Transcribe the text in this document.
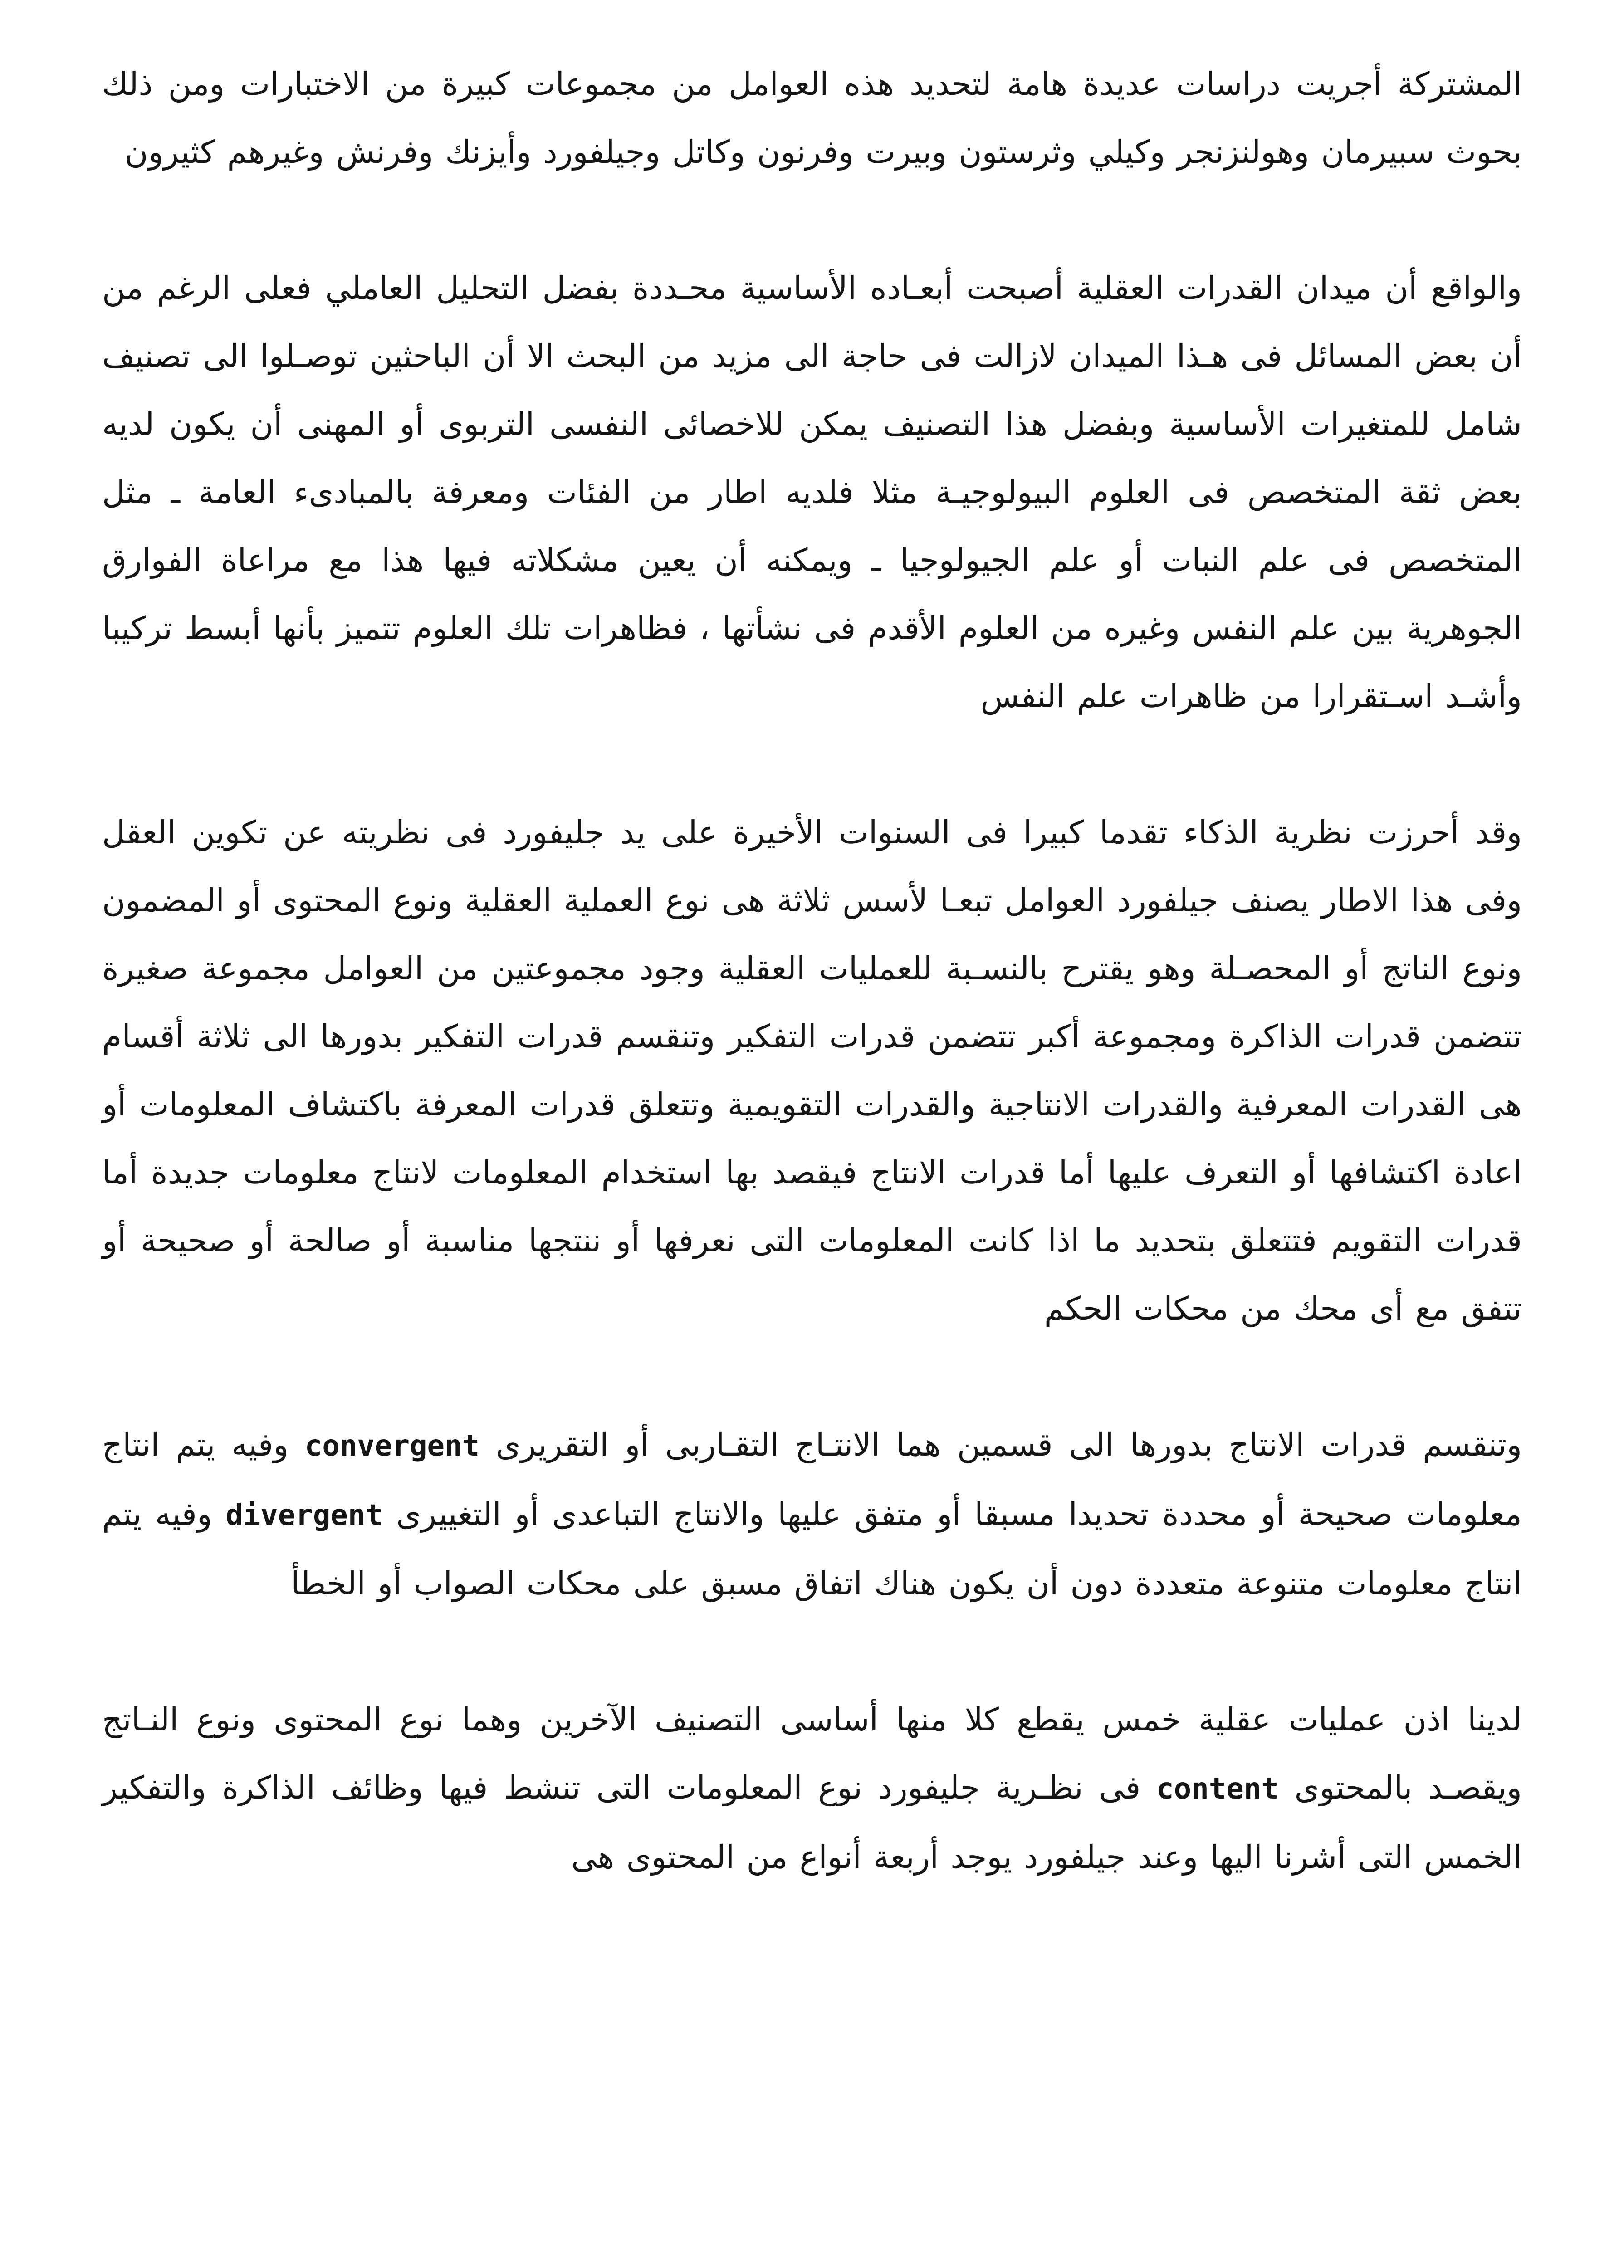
المشتركة أجريت دراسات عديدة هامة لتحديد هذه العوامل من مجموعات كبيرة من الاختبارات ومن ذلك بحوث سبيرمان وهولنزنجر وكيلي وثرستون وبيرت وفرنون وكاتل وجيلفورد وأيزنك وفرنش وغيرهم كثيرون

والواقع أن ميدان القدرات العقلية أصبحت أبعـاده الأساسية محـددة بفضل التحليل العاملي فعلى الرغم من أن بعض المسائل فى هـذا الميدان لازالت فى حاجة الى مزيد من البحث الا أن الباحثين توصـلوا الى تصنيف شامل للمتغيرات الأساسية وبفضل هذا التصنيف يمكن للاخصائى النفسى التربوى أو المهنى أن يكون لديه بعض ثقة المتخصص فى العلوم البيولوجيـة مثلا فلديه اطار من الفئات ومعرفة بالمبادىء العامة ـ مثل المتخصص فى علم النبات أو علم الجيولوجيا ـ ويمكنه أن يعين مشكلاته فيها هذا مع مراعاة الفوارق الجوهرية بين علم النفس وغيره من العلوم الأقدم فى نشأتها ، فظاهرات تلك العلوم تتميز بأنها أبسط تركيبا وأشـد اسـتقرارا من ظاهرات علم النفس

وقد أحرزت نظرية الذكاء تقدما كبيرا فى السنوات الأخيرة على يد جليفورد فى نظريته عن تكوين العقل وفى هذا الاطار يصنف جيلفورد العوامل تبعـا لأسس ثلاثة هى نوع العملية العقلية ونوع المحتوى أو المضمون ونوع الناتج أو المحصـلة وهو يقترح بالنسـبة للعمليات العقلية وجود مجموعتين من العوامل مجموعة صغيرة تتضمن قدرات الذاكرة ومجموعة أكبر تتضمن قدرات التفكير وتنقسم قدرات التفكير بدورها الى ثلاثة أقسام هى القدرات المعرفية والقدرات الانتاجية والقدرات التقويمية وتتعلق قدرات المعرفة باكتشاف المعلومات أو اعادة اكتشافها أو التعرف عليها أما قدرات الانتاج فيقصد بها استخدام المعلومات لانتاج معلومات جديدة أما قدرات التقويم فتتعلق بتحديد ما اذا كانت المعلومات التى نعرفها أو ننتجها مناسبة أو صالحة أو صحيحة أو تتفق مع أى محك من محكات الحكم

وتنقسم قدرات الانتاج بدورها الى قسمين هما الانتـاج التقـاربى أو التقريرى convergent وفيه يتم انتاج معلومات صحيحة أو محددة تحديدا مسبقا أو متفق عليها والانتاج التباعدى أو التغييرى divergent وفيه يتم انتاج معلومات متنوعة متعددة دون أن يكون هناك اتفاق مسبق على محكات الصواب أو الخطأ

لدينا اذن عمليات عقلية خمس يقطع كلا منها أساسى التصنيف الآخرين وهما نوع المحتوى ونوع النـاتج ويقصـد بالمحتوى content فى نظـرية جليفورد نوع المعلومات التى تنشط فيها وظائف الذاكرة والتفكير الخمس التى أشرنا اليها وعند جيلفورد يوجد أربعة أنواع من المحتوى هى
